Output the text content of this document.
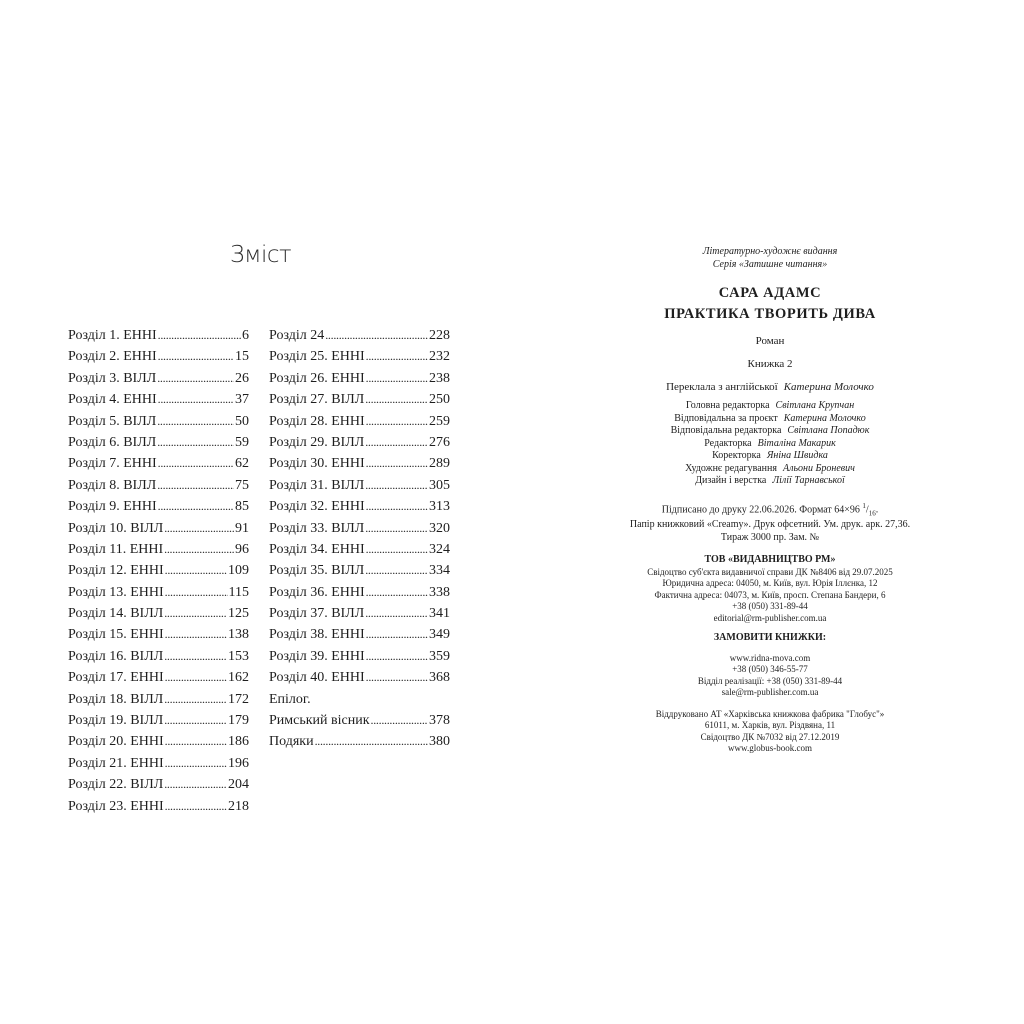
Зміст
Розділ 1. ЕННІ .....	6
Розділ 2. ЕННІ .....	15
Розділ 3. ВІЛЛ .....	26
Розділ 4. ЕННІ .....	37
Розділ 5. ВІЛЛ .....	50
Розділ 6. ВІЛЛ .....	59
Розділ 7. ЕННІ .....	62
Розділ 8. ВІЛЛ .....	75
Розділ 9. ЕННІ .....	85
Розділ 10. ВІЛЛ .....	91
Розділ 11. ЕННІ .....	96
Розділ 12. ЕННІ .....	109
Розділ 13. ЕННІ .....	115
Розділ 14. ВІЛЛ .....	125
Розділ 15. ЕННІ .....	138
Розділ 16. ВІЛЛ .....	153
Розділ 17. ЕННІ .....	162
Розділ 18. ВІЛЛ .....	172
Розділ 19. ВІЛЛ .....	179
Розділ 20. ЕННІ .....	186
Розділ 21. ЕННІ .....	196
Розділ 22. ВІЛЛ .....	204
Розділ 23. ЕННІ .....	218
Розділ 24 .....	228
Розділ 25. ЕННІ .....	232
Розділ 26. ЕННІ .....	238
Розділ 27. ВІЛЛ .....	250
Розділ 28. ЕННІ .....	259
Розділ 29. ВІЛЛ .....	276
Розділ 30. ЕННІ .....	289
Розділ 31. ВІЛЛ .....	305
Розділ 32. ЕННІ .....	313
Розділ 33. ВІЛЛ .....	320
Розділ 34. ЕННІ .....	324
Розділ 35. ВІЛЛ .....	334
Розділ 36. ЕННІ .....	338
Розділ 37. ВІЛЛ .....	341
Розділ 38. ЕННІ .....	349
Розділ 39. ЕННІ .....	359
Розділ 40. ЕННІ .....	368
Епілог.
Римський вісник .....	378
Подяки .....	380

Літературно-художнє видання

Серія «Затишне читання»

САРА АДАМС

ПРАКТИКА ТВОРИТЬ ДИВА

Роман

Книжка 2

Переклала з англійської Катерина Молочко

Головна редакторка Світлана Крупчан

Відповідальна за проєкт Катерина Молочко

Відповідальна редакторка Світлана Попадюк

Редакторка Віталіна Макарик

Коректорка Яніна Швидка

Художнє редагування Альони Броневич

Дизайн і верстка Лілії Тарнавської

Підписано до друку 22.06.2026. Формат 64×96 $^1/_{16}$.

Папір книжковий «Creamy». Друк офсетний. Ум. друк. арк. 27,36.

Тираж 3000 пр. Зам. №

ТОВ «ВИДАВНИЦТВО РМ»

Свідоцтво суб'єкта видавничої справи ДК №8406 від 29.07.2025

Юридична адреса: 04050, м. Київ, вул. Юрія Іллєнка, 12

Фактична адреса: 04073, м. Київ, просп. Степана Бандери, 6

+38 (050) 331-89-44

editorial@rm-publisher.com.ua

ЗАМОВИТИ КНИЖКИ:

www.ridna-mova.com

+38 (050) 346-55-77

Відділ реалізації: +38 (050) 331-89-44

sale@rm-publisher.com.ua

Віддруковано АТ «Харківська книжкова фабрика "Глобус"»

61011, м. Харків, вул. Різдвяна, 11

Свідоцтво ДК №7032 від 27.12.2019

www.globus-book.com
